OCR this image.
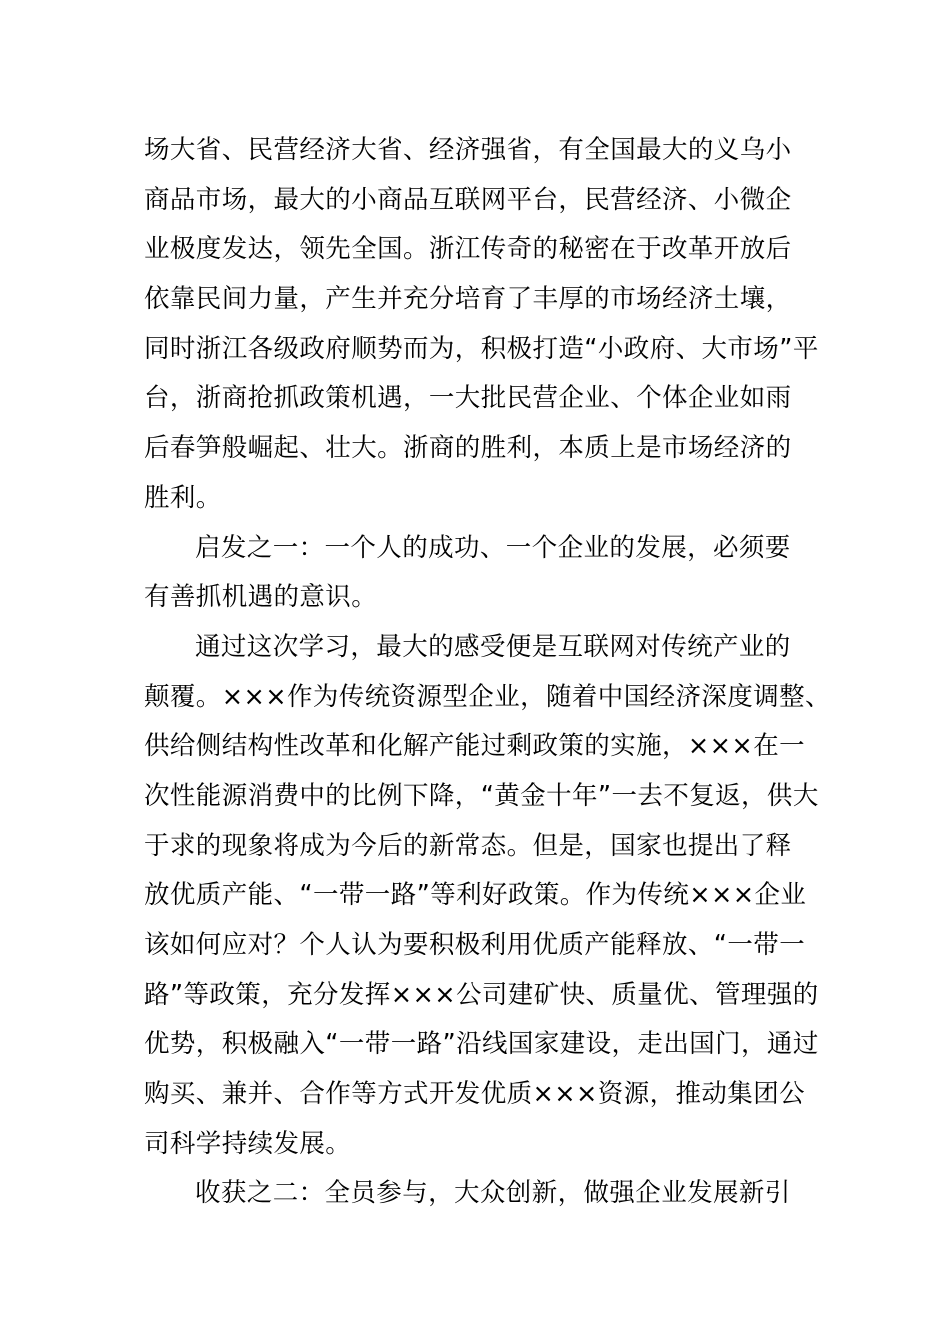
场大省、民营经济大省、经济强省，有全国最大的义乌小
商品市场，最大的小商品互联网平台，民营经济、小微企
业极度发达，领先全国。浙江传奇的秘密在于改革开放后
依靠民间力量，产生并充分培育了丰厚的市场经济土壤，
同时浙江各级政府顺势而为，积极打造“小政府、大市场”平
台，浙商抢抓政策机遇，一大批民营企业、个体企业如雨
后春笋般崛起、壮大。浙商的胜利，本质上是市场经济的
胜利。
启发之一：一个人的成功、一个企业的发展，必须要
有善抓机遇的意识。
通过这次学习，最大的感受便是互联网对传统产业的
颠覆。×××作为传统资源型企业，随着中国经济深度调整、
供给侧结构性改革和化解产能过剩政策的实施，×××在一
次性能源消费中的比例下降，“黄金十年”一去不复返，供大
于求的现象将成为今后的新常态。但是，国家也提出了释
放优质产能、“一带一路”等利好政策。作为传统×××企业
该如何应对？个人认为要积极利用优质产能释放、“一带一
路”等政策，充分发挥×××公司建矿快、质量优、管理强的
优势，积极融入“一带一路”沿线国家建设，走出国门，通过
购买、兼并、合作等方式开发优质×××资源，推动集团公
司科学持续发展。
收获之二：全员参与，大众创新，做强企业发展新引
